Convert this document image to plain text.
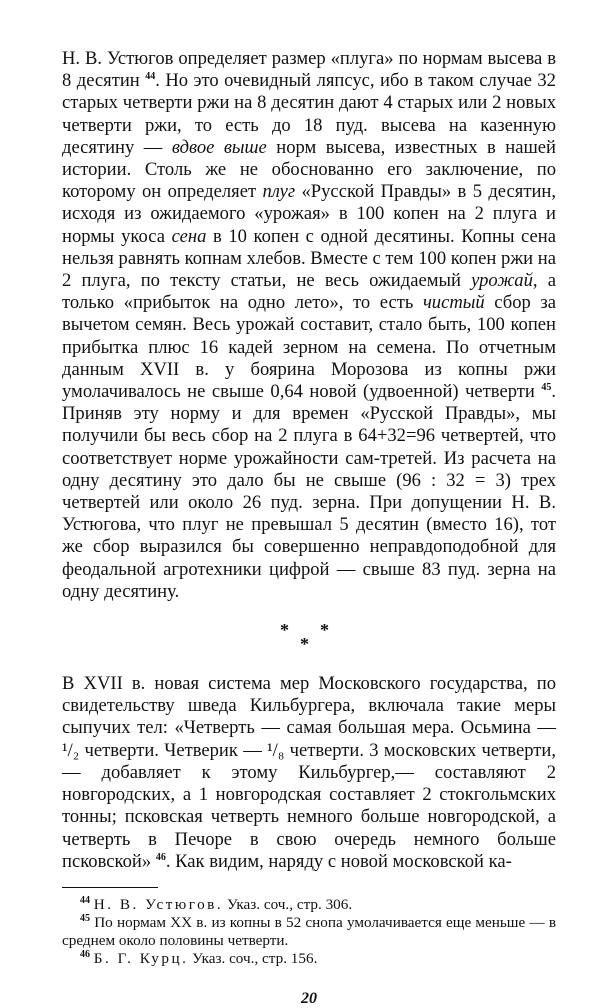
Н. В. Устюгов определяет размер «плуга» по нормам высева в 8 десятин $^{44}$. Но это очевидный ляпсус, ибо в таком случае 32 старых четверти ржи на 8 десятин дают 4 старых или 2 новых четверти ржи, то есть до 18 пуд. высева на казенную десятину — вдвое выше норм высева, известных в нашей истории. Столь же не обоснованно его заключение, по которому он определяет плуг «Русской Правды» в 5 десятин, исходя из ожидаемого «урожая» в 100 копен на 2 плуга и нормы укоса сена в 10 копен с одной десятины. Копны сена нельзя равнять копнам хлебов. Вместе с тем 100 копен ржи на 2 плуга, по тексту статьи, не весь ожидаемый урожай, а только «прибыток на одно лето», то есть чистый сбор за вычетом семян. Весь урожай составит, стало быть, 100 копен прибытка плюс 16 кадей зерном на семена. По отчетным данным XVII в. у боярина Морозова из копны ржи умолачивалось не свыше 0,64 новой (удвоенной) четверти $^{45}$. Приняв эту норму и для времен «Русской Правды», мы получили бы весь сбор на 2 плуга в 64+32=96 четвертей, что соответствует норме урожайности сам-третей. Из расчета на одну десятину это дало бы не свыше (96 : 32 = 3) трех четвертей или около 26 пуд. зерна. При допущении Н. В. Устюгова, что плуг не превышал 5 десятин (вместо 16), тот же сбор выразился бы совершенно неправдоподобной для феодальной агротехники цифрой — свыше 83 пуд. зерна на одну десятину.

* *
*

В XVII в. новая система мер Московского государства, по свидетельству шведа Кильбургера, включала такие меры сыпучих тел: «Четверть — самая большая мера. Осьмина — ¹/₂ четверти. Четверик — ¹/₈ четверти. 3 московских четверти,— добавляет к этому Кильбургер,— составляют 2 новгородских, а 1 новгородская составляет 2 стокгольмских тонны; псковская четверть немного больше новгородской, а четверть в Печоре в свою очередь немного больше псковской» $^{46}$. Как видим, наряду с новой московской ка-

$^{44}$ Н. В. Устюгов. Указ. соч., стр. 306.

$^{45}$ По нормам XX в. из копны в 52 снопа умолачивается еще меньше — в среднем около половины четверти.

$^{46}$ Б. Г. Курц. Указ. соч., стр. 156.

20
